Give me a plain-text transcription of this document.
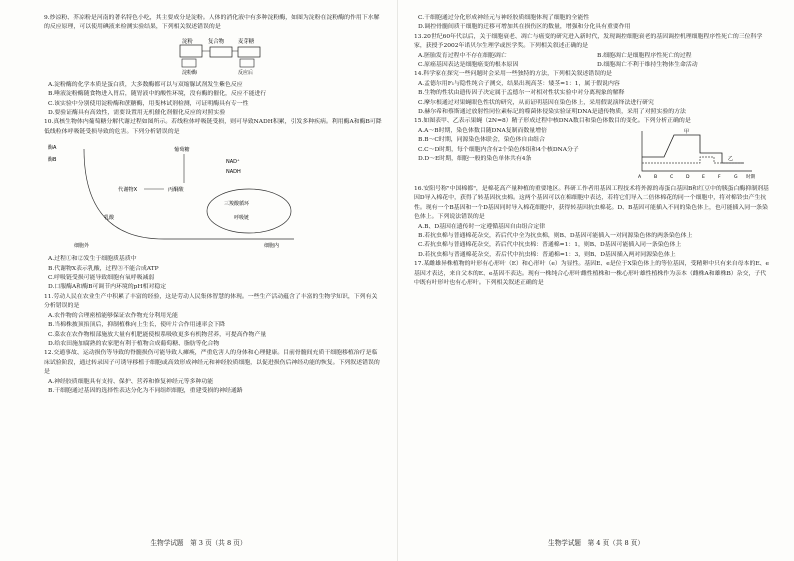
9.炒凉粉、芥凉粉是河南的著名特色小吃，其主要成分是淀粉。人体的消化液中有多种淀粉酶，如图为淀粉在淀粉酶的作用下水解的反应原理，可以使用碘液来检测实验结果，下列相关叙述错误的是

淀粉	复合物	麦芽糖
淀粉酶	反应后

A.淀粉酶的化学本质是蛋白质，大多数酶都可以与双缩脲试剂发生紫色反应

B.唾液淀粉酶随食物进入胃后，随胃液中的酸性环境，没有酶的催化，反应不能进行

C.该实验中分别使用淀粉酶和蔗糖酶，用斐林试剂检测，可证明酶具有专一性

D.要验证酶具有高效性，需要设置用无机催化剂催化反应的对照实验

10.真核生物体内葡萄糖分解代谢过程如图所示。若线粒体呼吸链受损，则可导致NADH积累，引发多种疾病。利用酶A和酶B可降低线粒体呼吸链受损导致的危害。下列分析错误的是

酶A
酶B
葡萄糖
丙酮酸
代谢物X
NAD⁺
NADH
三羧酸循环
呼吸链
细胞外	细胞内
乳酸

A.过程①和②发生于细胞质基质中

B.代谢物X表示乳酸，过程③不能合成ATP

C.呼吸链受损可能导致细胞有氧呼吸减弱

D.口服酶A和酶B可调节内环境的pH相对稳定

11.劳动人民在农业生产中积累了丰富的经验，这是劳动人民集体智慧的体现。一些生产活动蕴含了丰富的生物学知识，下列有关分析错误的是

A.农作物的合理密植能够保证农作物充分利用光能

B.当棉株披顶掐顶后，抑制植株向上生长，使叶片合作用速率会下降

C.菜农在农作物根部施放大量有机肥能使根系吸收更多有机物营养，可提高作物产量

D.给农田施加腐熟的农家肥有利于植物合成葡萄糖、脂肪等化合物

12.交通事故、运动损伤等导致的脊髓损伤可能导致人瘫痪，严重危害人的身体和心理健康。目前骨髓间充质干细胞移植治疗是临床试验阶段，通过转录因子可诱导移植于细胞或高效形成神经元和神经胶质细胞，以促进损伤后神经功能的恢复。下列叙述错误的是

A.神经胶质细胞具有支持、保护、营养和修复神经元等多种功能

B.干细胞通过基因的选择性表达分化为不同组织细胞，重建受损的神经通路

生物学试题　第 3 页（共 8 页）

C.干细胞通过分化形成神经元与神经胶质细胞体现了细胞的全能性

D.调控骨髓间质干细胞的迁移可增加其在损伤区的数量，增强和分化具有重要作用

13.20世纪60年代以后，关于细胞衰老、凋亡与癌变的研究进入新时代，发现调控细胞衰老的基因调控机理细胞程序性死亡的三位科学家，获授予2002年诺贝尔生理学或医学奖。下列相关叙述正确的是

A.胚胎发育过程中不存在细胞凋亡	B.细胞凋亡是细胞程序性死亡的过程

C.原癌基因表达是细胞癌变的根本原因	D.细胞凋亡不利于维持生物体生命活动

14.科学家在探究一些问题时会采用一些独特的方法，下列相关叙述错误的是

A.孟德尔用F₁与隐性纯合子测交，结果出现高茎：矮茎=1：1，属于假说内容

B.生物的性状由遗传因子决定属于孟德尔一对相对性状实验中对分离现象的解释

C.摩尔根通过对果蝇眼色性状的研究，从而证明基因在染色体上，采用假说演绎法进行研究

D.赫尔希和蔡斯通过放射性同位素标记的噬菌体侵染实验证明DNA是遗传物质，采用了对照实验的方法

15.如图表甲、乙表示果蝇（2N=8）精子形成过程中核DNA数目和染色体数目的变化。下列分析正确的是

A.A～B时期，染色体数目随DNA复制而数量增倍

B.B～C时期，同源染色体联会，染色体自由组合

C.C～D时期，每个细胞内含有2个染色体组和4个核DNA分子

D.D～E时期，细胞一般的染色单体共有4条

甲
乙
A	B	C	D	E	F	G 时期

16.安阳号称"中国棉都"，是棉花高产量种植的重要地区。科研工作者用基因工程技术将外源的毒蛋白基因B和红豆中的胰蛋白酶抑制剂基因D导入棉花中，获得了转基因抗虫棉。这两个基因可以在棉细胞中表达，若将它们导入二倍体棉花的同一个细胞中，将对棉铃虫产生抗性。现有一个B基因和一个D基因同时导入棉花细胞中，获得转基因抗虫棉花。D、B基因可能插入不同的染色体上，也可能插入同一条染色体上。下列说法错误的是

A.B、D基因在遗传时一定遵循基因自由组合定律

B.若抗虫棉与普通棉花杂交，若后代中全为抗虫棉，则B、D基因可能插入一对同源染色体的两条染色体上

C.若抗虫棉与普通棉花杂交，若后代中抗虫棉：普通棉=1：1，则B、D基因可能插入同一条染色体上

D.若抗虫棉与普通棉花杂交，若后代中抗虫棉：普通棉=1：3，则B、D基因插入两对同源染色体上

17.某雌雄异株植物的叶形有心形叶（E）和心形叶（e）为显性。基因E、e是位于X染色体上的等位基因，受精卵中只有来自母本的E、e基因才表达，来自父本的E、e基因不表达。现有一株纯合心形叶雌性植株和一株心形叶雄性植株作为亲本（雌株A和雄株B）杂交，子代中既有叶形叶也有心形叶。下列相关叙述正确的是

生物学试题　第 4 页（共 8 页）
